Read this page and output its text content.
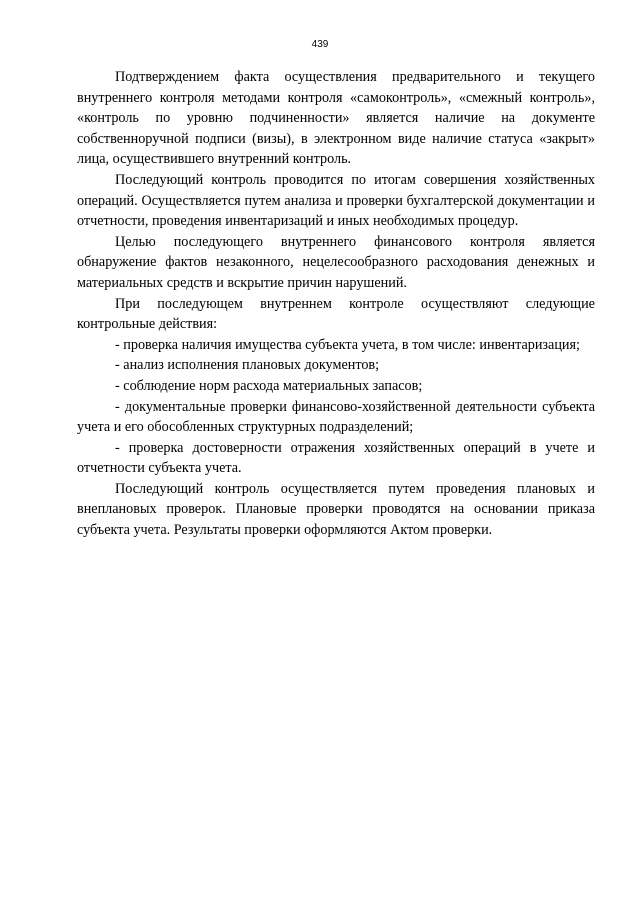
439

Подтверждением факта осуществления предварительного и текущего внутреннего контроля методами контроля «самоконтроль», «смежный контроль», «контроль по уровню подчиненности» является наличие на документе собственноручной подписи (визы), в электронном виде наличие статуса «закрыт» лица, осуществившего внутренний контроль.

Последующий контроль проводится по итогам совершения хозяйственных операций. Осуществляется путем анализа и проверки бухгалтерской документации и отчетности, проведения инвентаризаций и иных необходимых процедур.

Целью последующего внутреннего финансового контроля является обнаружение фактов незаконного, нецелесообразного расходования денежных и материальных средств и вскрытие причин нарушений.

При последующем внутреннем контроле осуществляют следующие контрольные действия:

- проверка наличия имущества субъекта учета, в том числе: инвентаризация;

- анализ исполнения плановых документов;

- соблюдение норм расхода материальных запасов;

- документальные проверки финансово-хозяйственной деятельности субъекта учета и его обособленных структурных подразделений;

- проверка достоверности отражения хозяйственных операций в учете и отчетности субъекта учета.

Последующий контроль осуществляется путем проведения плановых и внеплановых проверок. Плановые проверки проводятся на основании приказа субъекта учета. Результаты проверки оформляются Актом проверки.
